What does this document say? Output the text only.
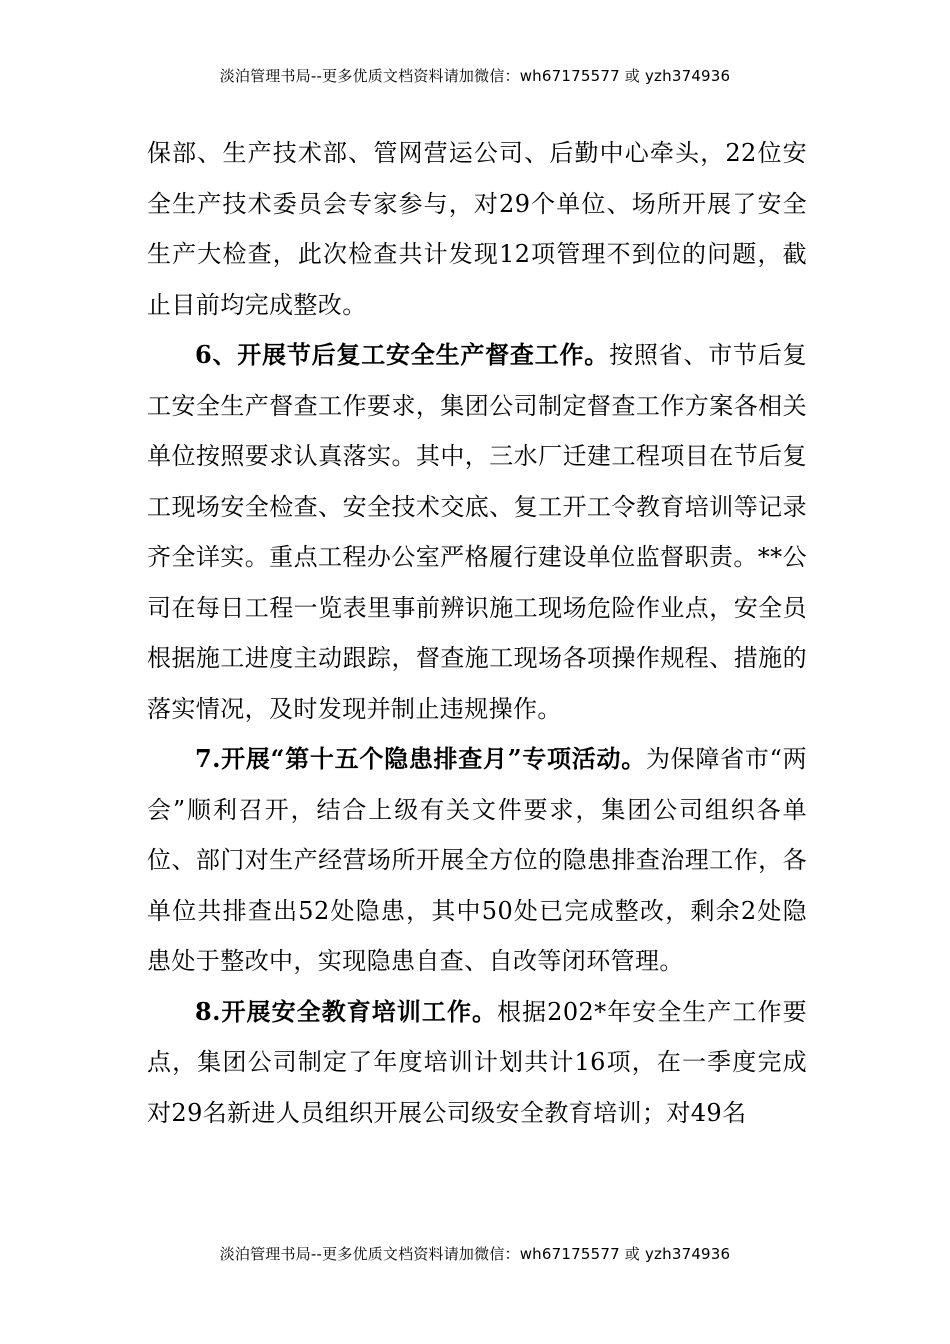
淡泊管理书局--更多优质文档资料请加微信：wh67175577 或 yzh374936

保部、生产技术部、管网营运公司、后勤中心牵头，22位安全生产技术委员会专家参与，对29个单位、场所开展了安全生产大检查，此次检查共计发现12项管理不到位的问题，截止目前均完成整改。

6、开展节后复工安全生产督查工作。按照省、市节后复工安全生产督查工作要求，集团公司制定督查工作方案各相关单位按照要求认真落实。其中，三水厂迁建工程项目在节后复工现场安全检查、安全技术交底、复工开工令教育培训等记录齐全详实。重点工程办公室严格履行建设单位监督职责。**公司在每日工程一览表里事前辨识施工现场危险作业点，安全员根据施工进度主动跟踪，督查施工现场各项操作规程、措施的落实情况，及时发现并制止违规操作。

7.开展“第十五个隐患排查月”专项活动。为保障省市“两会”顺利召开，结合上级有关文件要求，集团公司组织各单位、部门对生产经营场所开展全方位的隐患排查治理工作，各单位共排查出52处隐患，其中50处已完成整改，剩余2处隐患处于整改中，实现隐患自查、自改等闭环管理。

8.开展安全教育培训工作。根据202*年安全生产工作要点，集团公司制定了年度培训计划共计16项，在一季度完成对29名新进人员组织开展公司级安全教育培训；对49名

淡泊管理书局--更多优质文档资料请加微信：wh67175577 或 yzh374936
